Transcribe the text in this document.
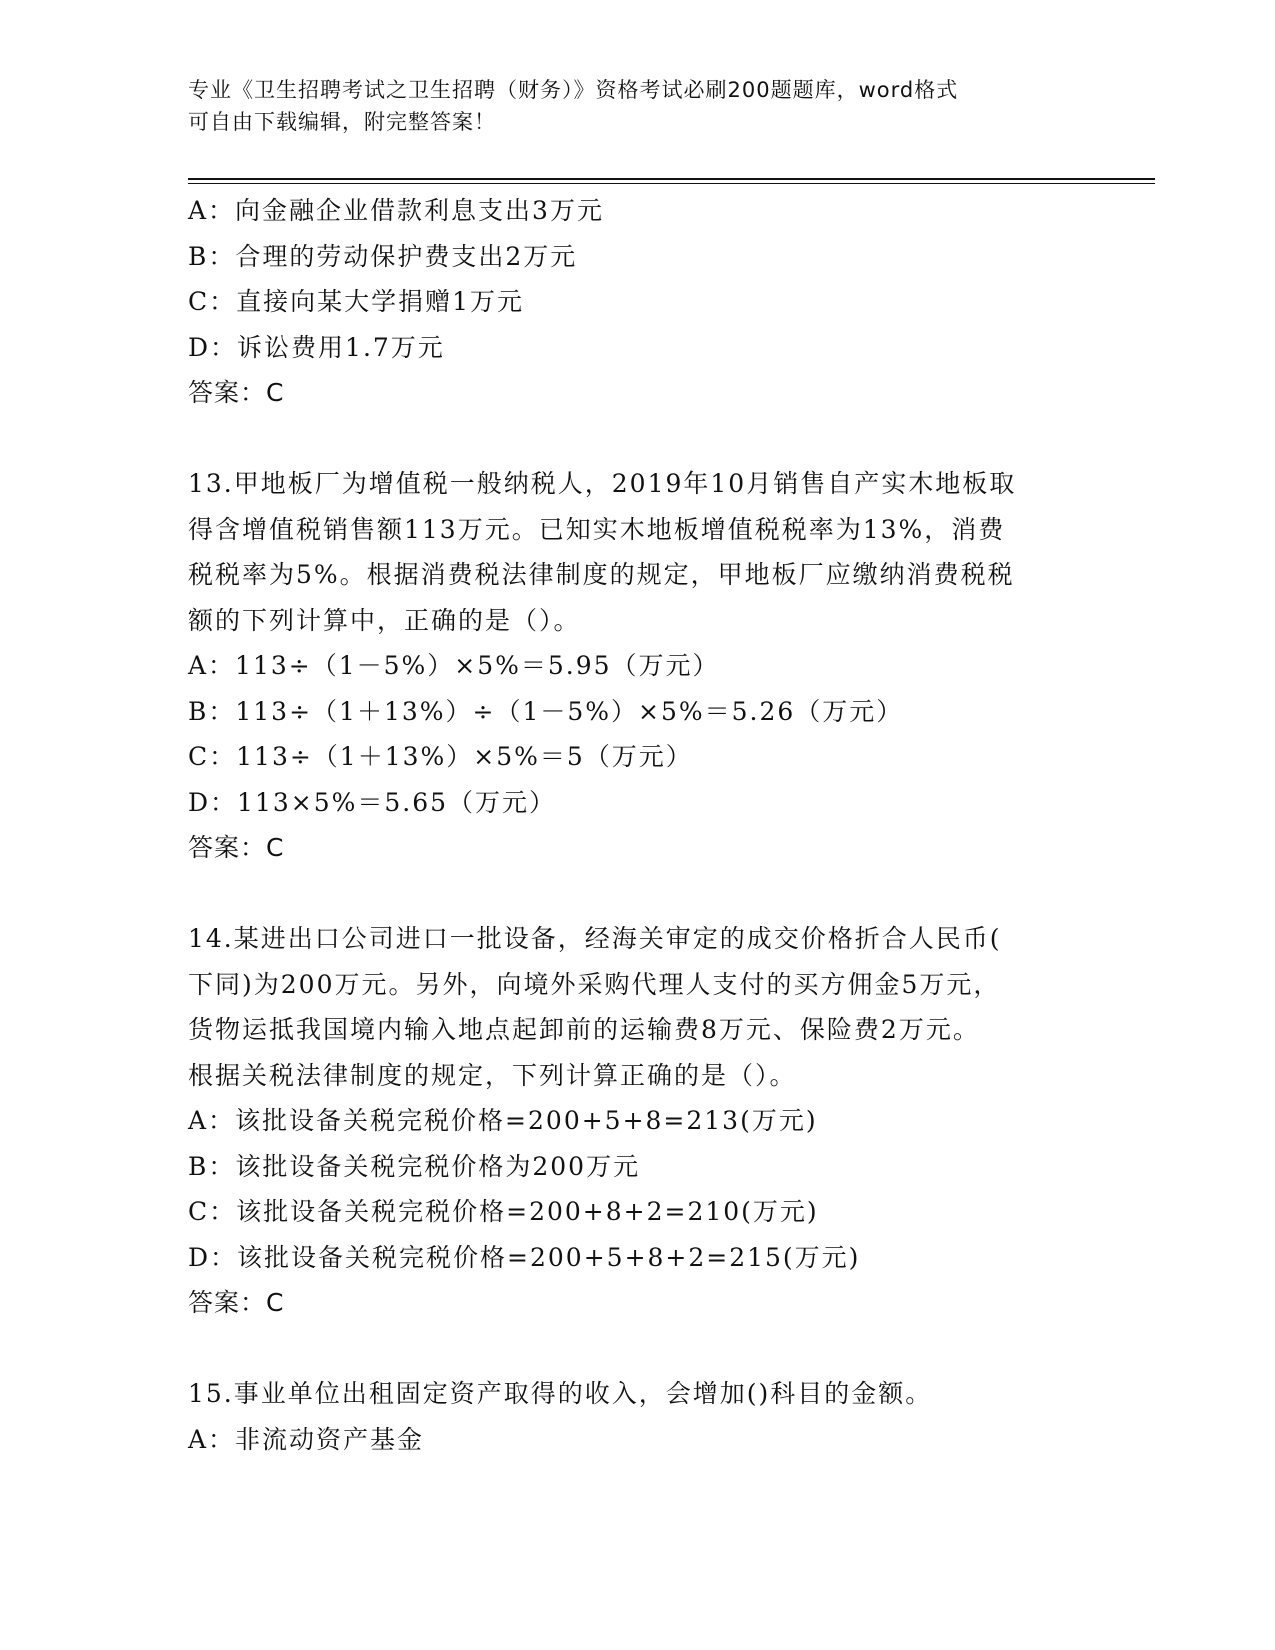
专业《卫生招聘考试之卫生招聘（财务）》资格考试必刷200题题库，word格式
可自由下载编辑，附完整答案！
A：向金融企业借款利息支出3万元
B：合理的劳动保护费支出2万元
C：直接向某大学捐赠1万元
D：诉讼费用1.7万元
答案：C
13.甲地板厂为增值税一般纳税人，2019年10月销售自产实木地板取
得含增值税销售额113万元。已知实木地板增值税税率为13%，消费
税税率为5%。根据消费税法律制度的规定，甲地板厂应缴纳消费税税
额的下列计算中，正确的是（）。
A：113÷（1－5%）×5%＝5.95（万元）
B：113÷（1＋13%）÷（1－5%）×5%＝5.26（万元）
C：113÷（1＋13%）×5%＝5（万元）
D：113×5%＝5.65（万元）
答案：C
14.某进出口公司进口一批设备，经海关审定的成交价格折合人民币(
下同)为200万元。另外，向境外采购代理人支付的买方佣金5万元，
货物运抵我国境内输入地点起卸前的运输费8万元、保险费2万元。
根据关税法律制度的规定，下列计算正确的是（）。
A：该批设备关税完税价格=200+5+8=213(万元)
B：该批设备关税完税价格为200万元
C：该批设备关税完税价格=200+8+2=210(万元)
D：该批设备关税完税价格=200+5+8+2=215(万元)
答案：C
15.事业单位出租固定资产取得的收入，会增加()科目的金额。
A：非流动资产基金
